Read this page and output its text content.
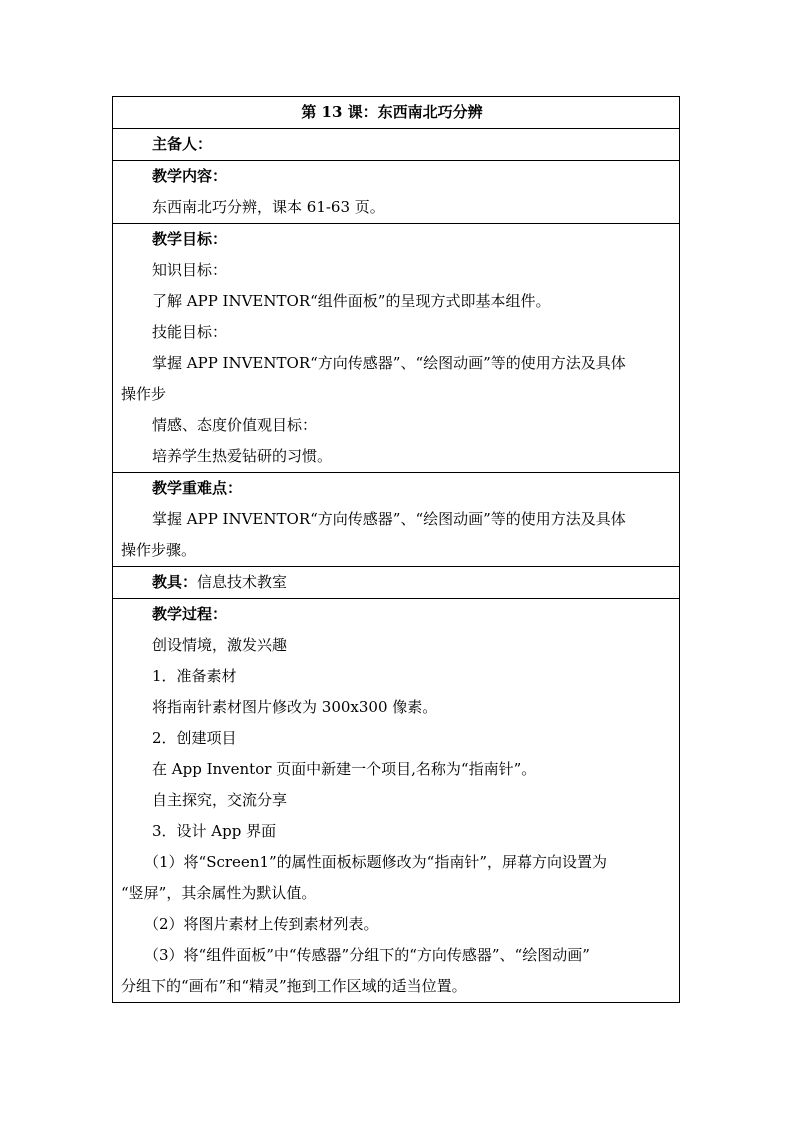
第 13 课：东西南北巧分辨
主备人：
教学内容：
东西南北巧分辨，课本 61-63 页。
教学目标：
知识目标：
了解 APP INVENTOR“组件面板”的呈现方式即基本组件。
技能目标：
掌握 APP INVENTOR“方向传感器”、“绘图动画”等的使用方法及具体
操作步
情感、态度价值观目标：
培养学生热爱钻研的习惯。
教学重难点：
掌握 APP INVENTOR“方向传感器”、“绘图动画”等的使用方法及具体
操作步骤。
教具：信息技术教室
教学过程：
创设情境，激发兴趣
1．准备素材
将指南针素材图片修改为 300x300 像素。
2．创建项目
在 App Inventor 页面中新建一个项目,名称为“指南针”。
自主探究，交流分享
3．设计 App 界面
（1）将“Screen1”的属性面板标题修改为“指南针”，屏幕方向设置为
“竖屏”，其余属性为默认值。
（2）将图片素材上传到素材列表。
（3）将“组件面板”中“传感器”分组下的“方向传感器”、“绘图动画”
分组下的“画布”和“精灵”拖到工作区域的适当位置。
